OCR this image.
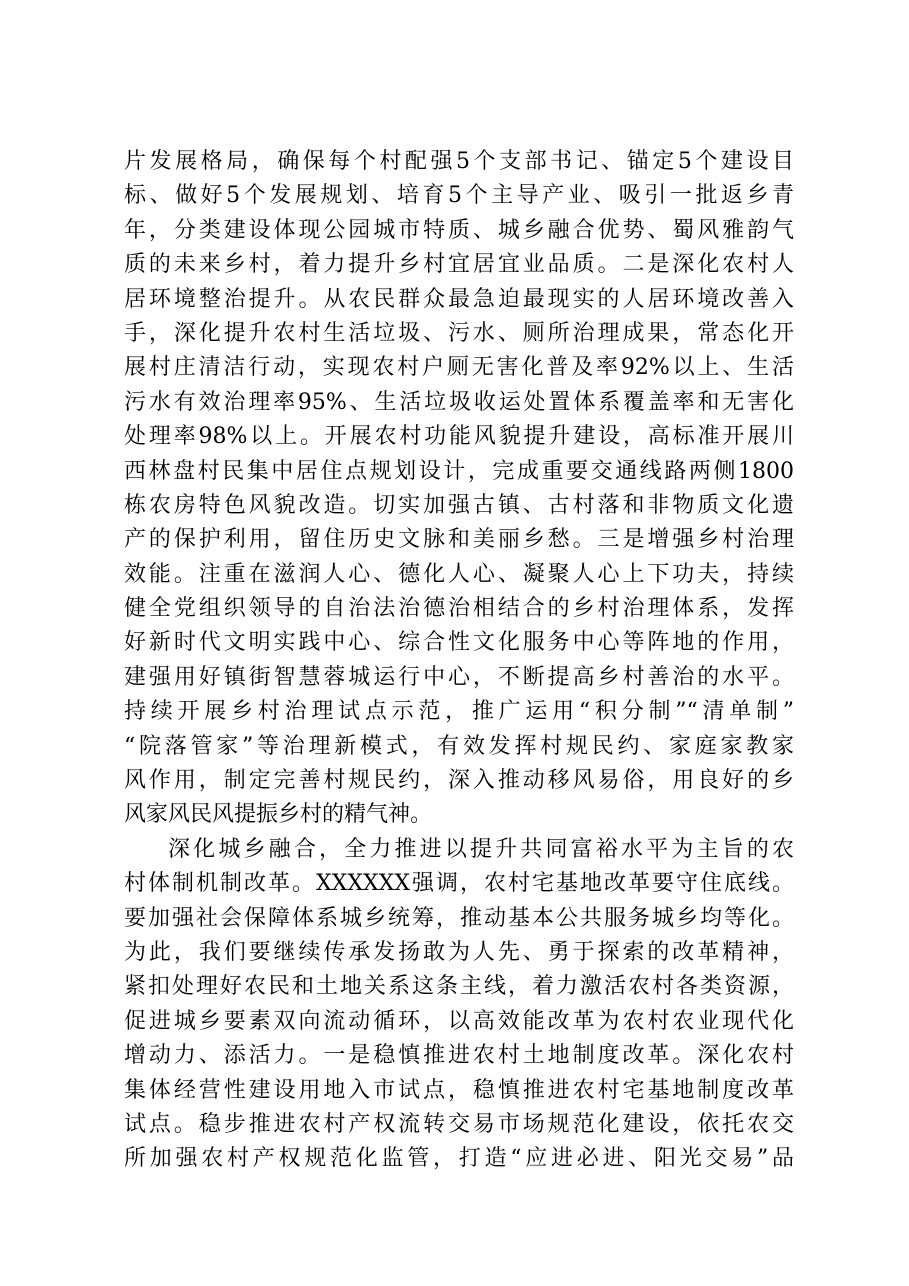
片发展格局，确保每个村配强5个支部书记、锚定5个建设目
标、做好5个发展规划、培育5个主导产业、吸引一批返乡青
年，分类建设体现公园城市特质、城乡融合优势、蜀风雅韵气
质的未来乡村，着力提升乡村宜居宜业品质。二是深化农村人
居环境整治提升。从农民群众最急迫最现实的人居环境改善入
手，深化提升农村生活垃圾、污水、厕所治理成果，常态化开
展村庄清洁行动，实现农村户厕无害化普及率92%以上、生活
污水有效治理率95%、生活垃圾收运处置体系覆盖率和无害化
处理率98%以上。开展农村功能风貌提升建设，高标准开展川
西林盘村民集中居住点规划设计，完成重要交通线路两侧1800
栋农房特色风貌改造。切实加强古镇、古村落和非物质文化遗
产的保护利用，留住历史文脉和美丽乡愁。三是增强乡村治理
效能。注重在滋润人心、德化人心、凝聚人心上下功夫，持续
健全党组织领导的自治法治德治相结合的乡村治理体系，发挥
好新时代文明实践中心、综合性文化服务中心等阵地的作用，
建强用好镇街智慧蓉城运行中心，不断提高乡村善治的水平。
持续开展乡村治理试点示范，推广运用“积分制”“清单制”
“院落管家”等治理新模式，有效发挥村规民约、家庭家教家
风作用，制定完善村规民约，深入推动移风易俗，用良好的乡
风家风民风提振乡村的精气神。
深化城乡融合，全力推进以提升共同富裕水平为主旨的农
村体制机制改革。XXXXXX强调，农村宅基地改革要守住底线。
要加强社会保障体系城乡统筹，推动基本公共服务城乡均等化。
为此，我们要继续传承发扬敢为人先、勇于探索的改革精神，
紧扣处理好农民和土地关系这条主线，着力激活农村各类资源，
促进城乡要素双向流动循环，以高效能改革为农村农业现代化
增动力、添活力。一是稳慎推进农村土地制度改革。深化农村
集体经营性建设用地入市试点，稳慎推进农村宅基地制度改革
试点。稳步推进农村产权流转交易市场规范化建设，依托农交
所加强农村产权规范化监管，打造“应进必进、阳光交易”品
